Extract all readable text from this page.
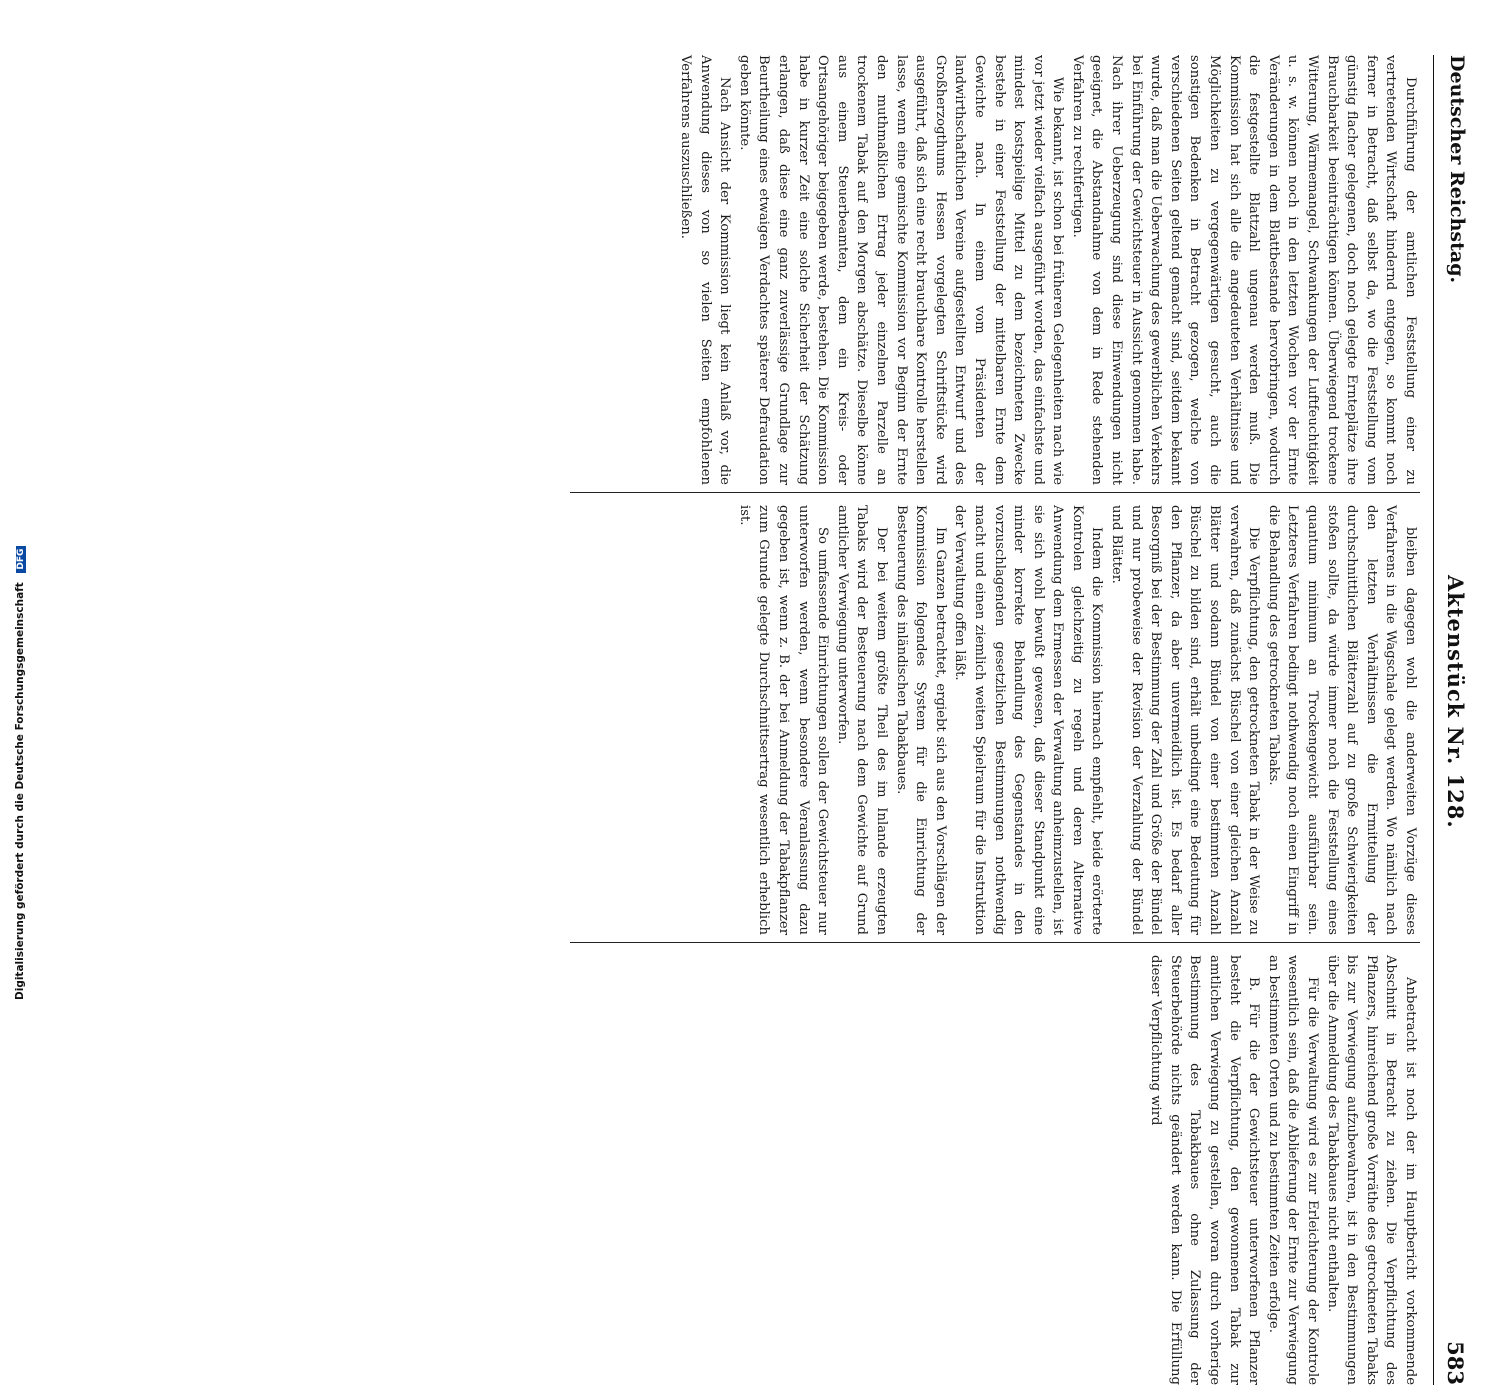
Deutscher Reichstag.
Aktenstück Nr. 128.
583

Durchführung der amtlichen Feststellung einer zu vertretenden Wirtschaft hindernd entgegen, so kommt noch ferner in Betracht, daß selbst da, wo die Feststellung vom günstig flacher gelegenen, doch noch gelegte Ernteplätze ihre Brauchbarkeit beeinträchtigen können. Überwiegend trockene Witterung, Wärmemangel, Schwankungen der Luftfeuchtigkeit u. s. w. können noch in den letzten Wochen vor der Ernte Veränderungen in dem Blattbestande hervorbringen, wodurch die festgestellte Blattzahl ungenau werden muß. Die Kommission hat sich alle die angedeuteten Verhältnisse und Möglichkeiten zu vergegenwärtigen gesucht, auch die sonstigen Bedenken in Betracht gezogen, welche von verschiedenen Seiten geltend gemacht sind, seitdem bekannt wurde, daß man die Ueberwachung des gewerblichen Verkehrs bei Einführung der Gewichtsteuer in Aussicht genommen habe. Nach ihrer Ueberzeugung sind diese Einwendungen nicht geeignet, die Abstandnahme von dem in Rede stehenden Verfahren zu rechtfertigen.

Wie bekannt, ist schon bei früheren Gelegenheiten nach wie vor jetzt wieder vielfach ausgeführt worden, das einfachste und mindest kostspielige Mittel zu dem bezeichneten Zwecke bestehe in einer Feststellung der mittelbaren Ernte dem Gewichte nach. In einem vom Präsidenten der landwirthschaftlichen Vereine aufgestellten Entwurf und des Großherzogthums Hessen vorgelegten Schriftstücke wird ausgeführt, daß sich eine recht brauchbare Kontrolle herstellen lasse, wenn eine gemischte Kommission vor Beginn der Ernte den muthmaßlichen Ertrag jeder einzelnen Parzelle an trockenem Tabak auf den Morgen abschätze. Dieselbe könne aus einem Steuerbeamten, dem ein Kreis- oder Ortsangehöriger beigegeben werde, bestehen. Die Kommission habe in kurzer Zeit eine solche Sicherheit der Schätzung erlangen, daß diese eine ganz zuverlässige Grundlage zur Beurtheilung eines etwaigen Verdachtes späterer Defraudation geben könnte.

Nach Ansicht der Kommission liegt kein Anlaß vor, die Anwendung dieses von so vielen Seiten empfohlenen Verfahrens auszuschließen.

bleiben dagegen wohl die anderweiten Vorzüge dieses Verfahrens in die Wagschale gelegt werden. Wo nämlich nach den letzten Verhältnissen die Ermittelung der durchschnittlichen Blätterzahl auf zu große Schwierigkeiten stoßen sollte, da würde immer noch die Feststellung eines quantum minimum an Trockengewicht ausführbar sein. Letzteres Verfahren bedingt nothwendig noch einen Eingriff in die Behandlung des getrockneten Tabaks.

Die Verpflichtung, den getrockneten Tabak in der Weise zu verwahren, daß zunächst Büschel von einer gleichen Anzahl Blätter und sodann Bündel von einer bestimmten Anzahl Büschel zu bilden sind, erhält unbedingt eine Bedeutung für den Pflanzer, da aber unvermeidlich ist. Es bedarf aller Besorgniß bei der Bestimmung der Zahl und Größe der Bündel und nur probeweise der Revision der Verzahlung der Bündel und Blätter.

Indem die Kommission hiernach empfiehlt, beide erörterte Kontrolen gleichzeitig zu regeln und deren Alternative Anwendung dem Ermessen der Verwaltung anheimzustellen, ist sie sich wohl bewußt gewesen, daß dieser Standpunkt eine minder korrekte Behandlung des Gegenstandes in den vorzuschlagenden gesetzlichen Bestimmungen nothwendig macht und einen ziemlich weiten Spielraum für die Instruktion der Verwaltung offen läßt.

Im Ganzen betrachtet, ergiebt sich aus den Vorschlägen der Kommission folgendes System für die Einrichtung der Besteuerung des inländischen Tabakbaues.

Der bei weitem größte Theil des im Inlande erzeugten Tabaks wird der Besteuerung nach dem Gewichte auf Grund amtlicher Verwiegung unterworfen.

So umfassende Einrichtungen sollen der Gewichtsteuer nur unterworfen werden, wenn besondere Veranlassung dazu gegeben ist, wenn z. B. der bei Anmeldung der Tabakpflanzer zum Grunde gelegte Durchschnittsertrag wesentlich erheblich ist.

Anbetracht ist noch der im Hauptbericht vorkommende Abschnitt in Betracht zu ziehen. Die Verpflichtung des Pflanzers, hinreichend große Vorräthe des getrockneten Tabaks bis zur Verwiegung aufzubewahren, ist in den Bestimmungen über die Anmeldung des Tabakbaues nicht enthalten.

Für die Verwaltung wird es zur Erleichterung der Kontrole wesentlich sein, daß die Ablieferung der Ernte zur Verwiegung an bestimmten Orten und zu bestimmten Zeiten erfolge.

B. Für die der Gewichtsteuer unterworfenen Pflanzer besteht die Verpflichtung, den gewonnenen Tabak zur amtlichen Verwiegung zu gestellen, woran durch vorherige Bestimmung des Tabakbaues ohne Zulassung der Steuerbehörde nichts geändert werden kann. Die Erfüllung dieser Verpflichtung wird

Digitalisierung gefördert durch die Deutsche Forschungsgemeinschaft DFG
